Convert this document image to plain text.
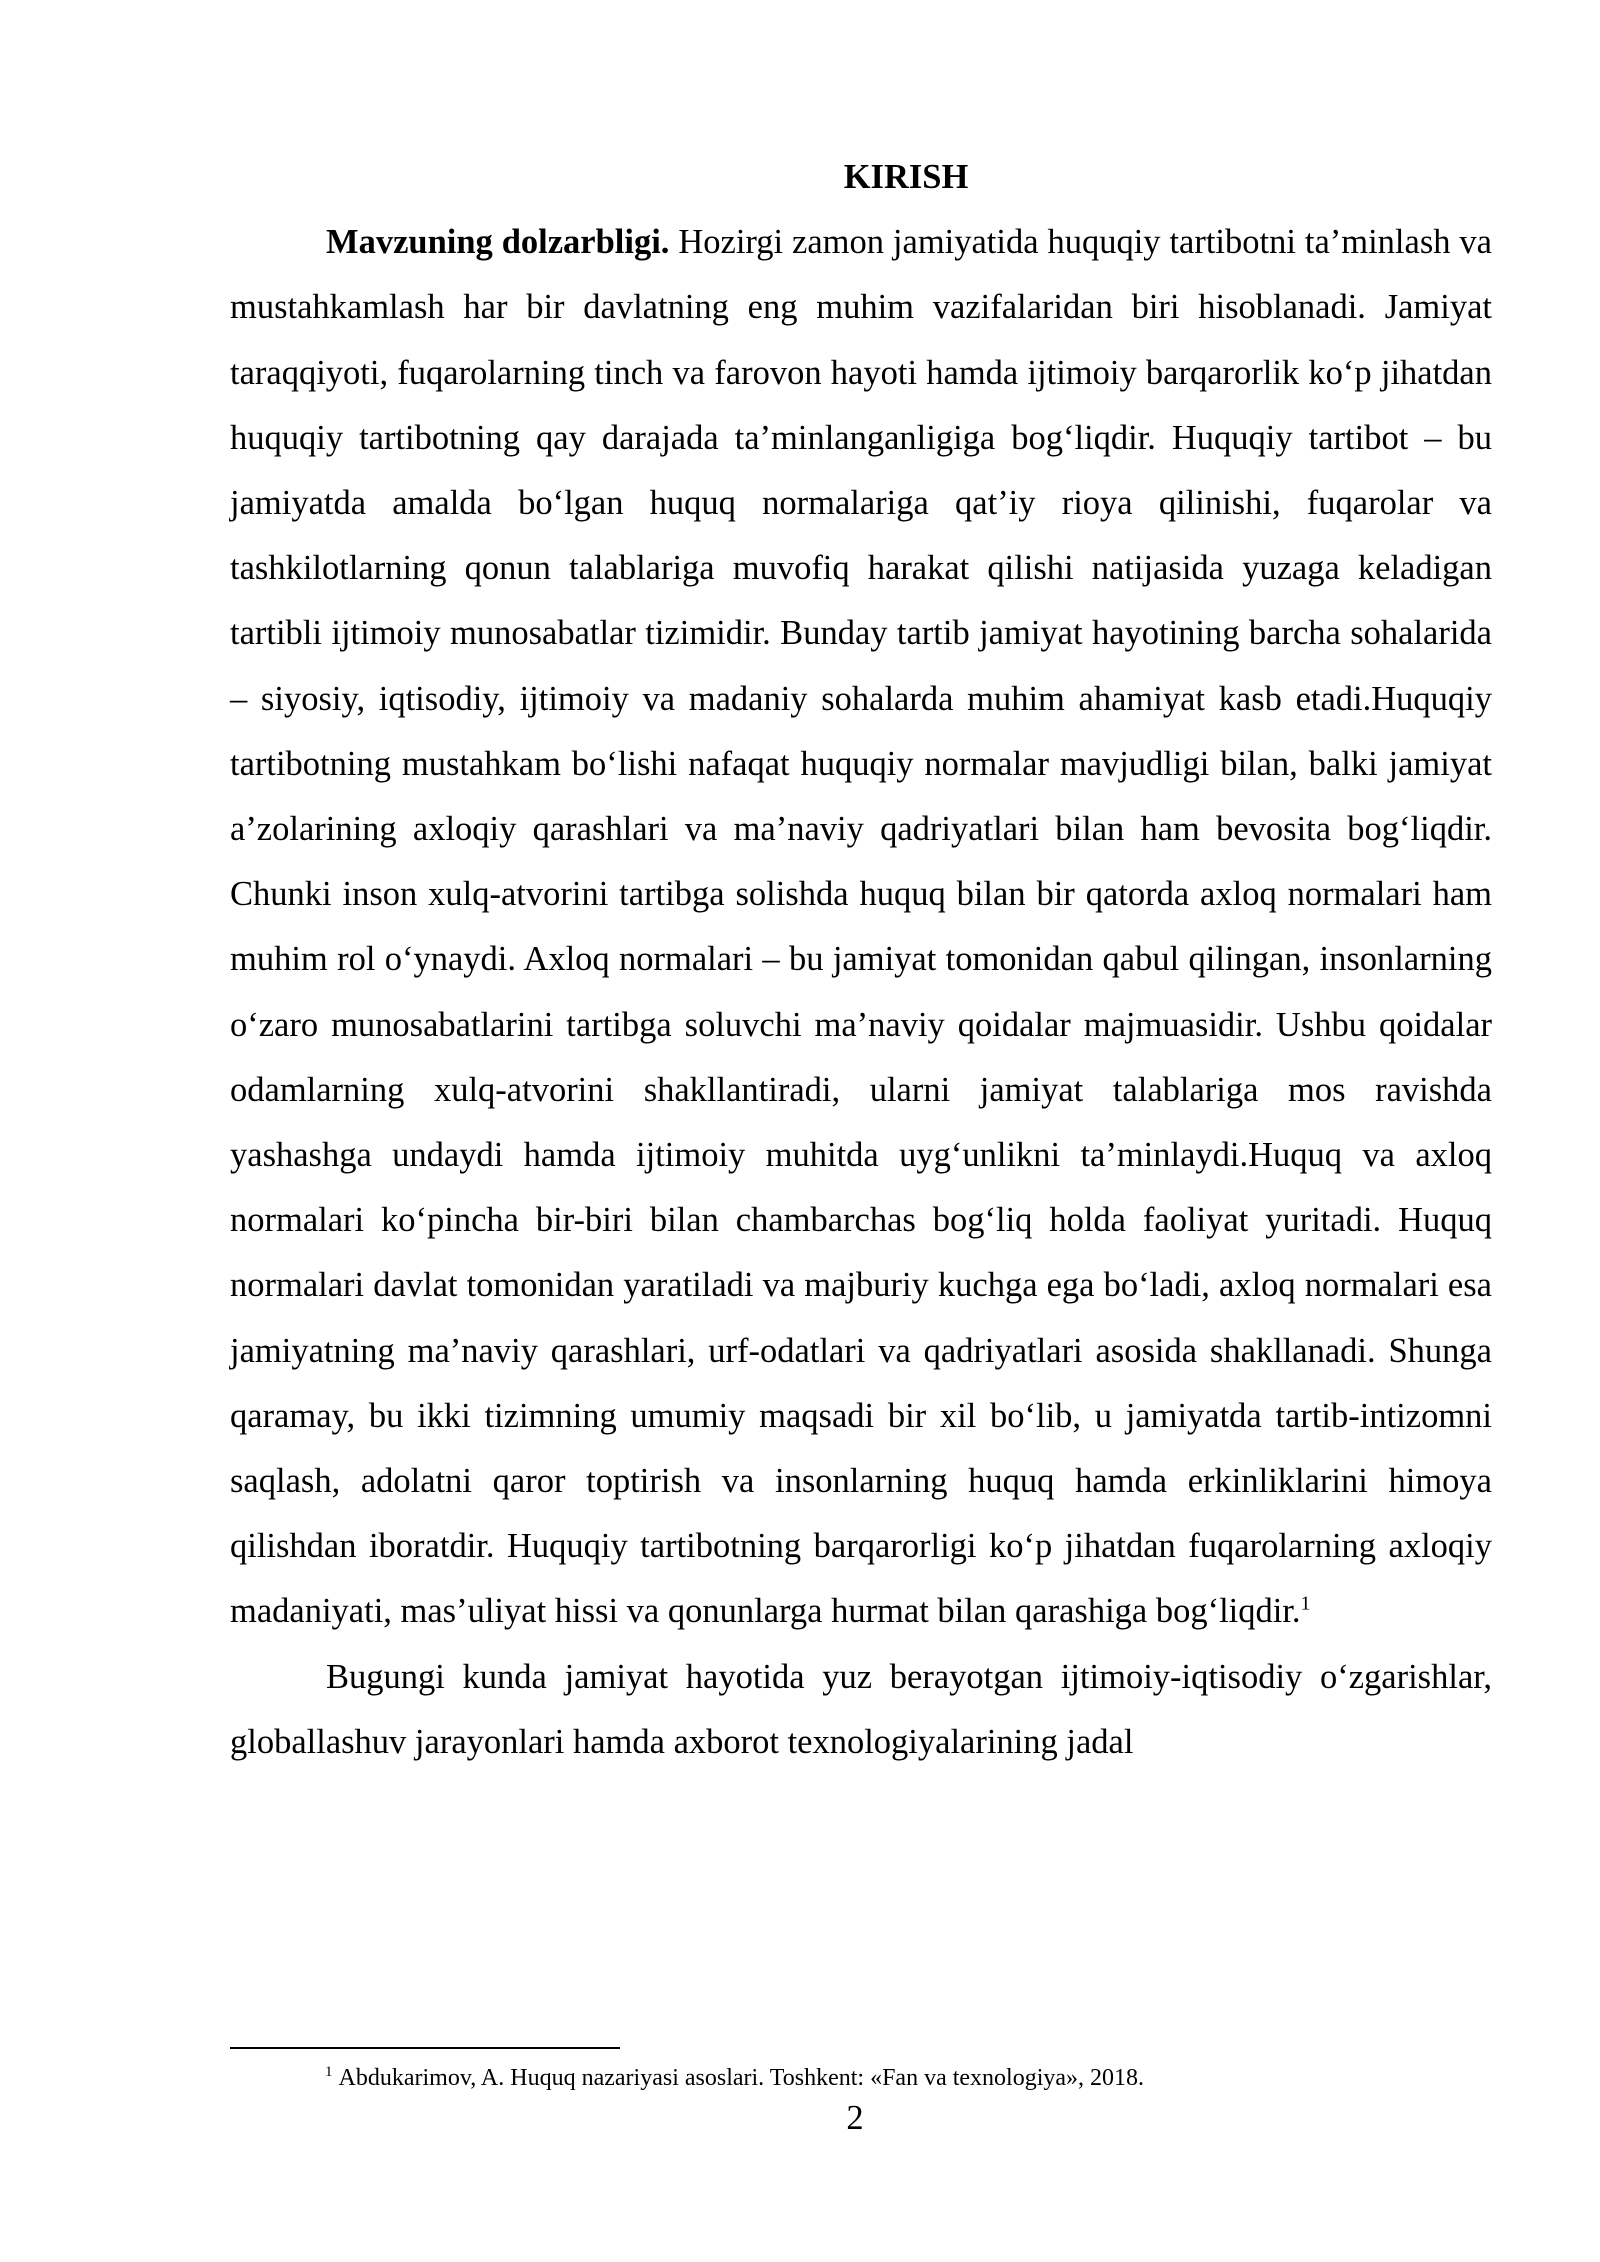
KIRISH

Mavzuning dolzarbligi. Hozirgi zamon jamiyatida huquqiy tartibotni ta’minlash va mustahkamlash har bir davlatning eng muhim vazifalaridan biri hisoblanadi. Jamiyat taraqqiyoti, fuqarolarning tinch va farovon hayoti hamda ijtimoiy barqarorlik ko‘p jihatdan huquqiy tartibotning qay darajada ta’minlanganligiga bog‘liqdir. Huquqiy tartibot – bu jamiyatda amalda bo‘lgan huquq normalariga qat’iy rioya qilinishi, fuqarolar va tashkilotlarning qonun talablariga muvofiq harakat qilishi natijasida yuzaga keladigan tartibli ijtimoiy munosabatlar tizimidir. Bunday tartib jamiyat hayotining barcha sohalarida – siyosiy, iqtisodiy, ijtimoiy va madaniy sohalarda muhim ahamiyat kasb etadi.Huquqiy tartibotning mustahkam bo‘lishi nafaqat huquqiy normalar mavjudligi bilan, balki jamiyat a’zolarining axloqiy qarashlari va ma’naviy qadriyatlari bilan ham bevosita bog‘liqdir. Chunki inson xulq-atvorini tartibga solishda huquq bilan bir qatorda axloq normalari ham muhim rol o‘ynaydi. Axloq normalari – bu jamiyat tomonidan qabul qilingan, insonlarning o‘zaro munosabatlarini tartibga soluvchi ma’naviy qoidalar majmuasidir. Ushbu qoidalar odamlarning xulq-atvorini shakllantiradi, ularni jamiyat talablariga mos ravishda yashashga undaydi hamda ijtimoiy muhitda uyg‘unlikni ta’minlaydi.Huquq va axloq normalari ko‘pincha bir-biri bilan chambarchas bog‘liq holda faoliyat yuritadi. Huquq normalari davlat tomonidan yaratiladi va majburiy kuchga ega bo‘ladi, axloq normalari esa jamiyatning ma’naviy qarashlari, urf-odatlari va qadriyatlari asosida shakllanadi. Shunga qaramay, bu ikki tizimning umumiy maqsadi bir xil bo‘lib, u jamiyatda tartib-intizomni saqlash, adolatni qaror toptirish va insonlarning huquq hamda erkinliklarini himoya qilishdan iboratdir. Huquqiy tartibotning barqarorligi ko‘p jihatdan fuqarolarning axloqiy madaniyati, mas’uliyat hissi va qonunlarga hurmat bilan qarashiga bog‘liqdir.$^1$

Bugungi kunda jamiyat hayotida yuz berayotgan ijtimoiy-iqtisodiy o‘zgarishlar, globallashuv jarayonlari hamda axborot texnologiyalarining jadal

$^1$ Abdukarimov, A. Huquq nazariyasi asoslari. Toshkent: «Fan va texnologiya», 2018.
2
